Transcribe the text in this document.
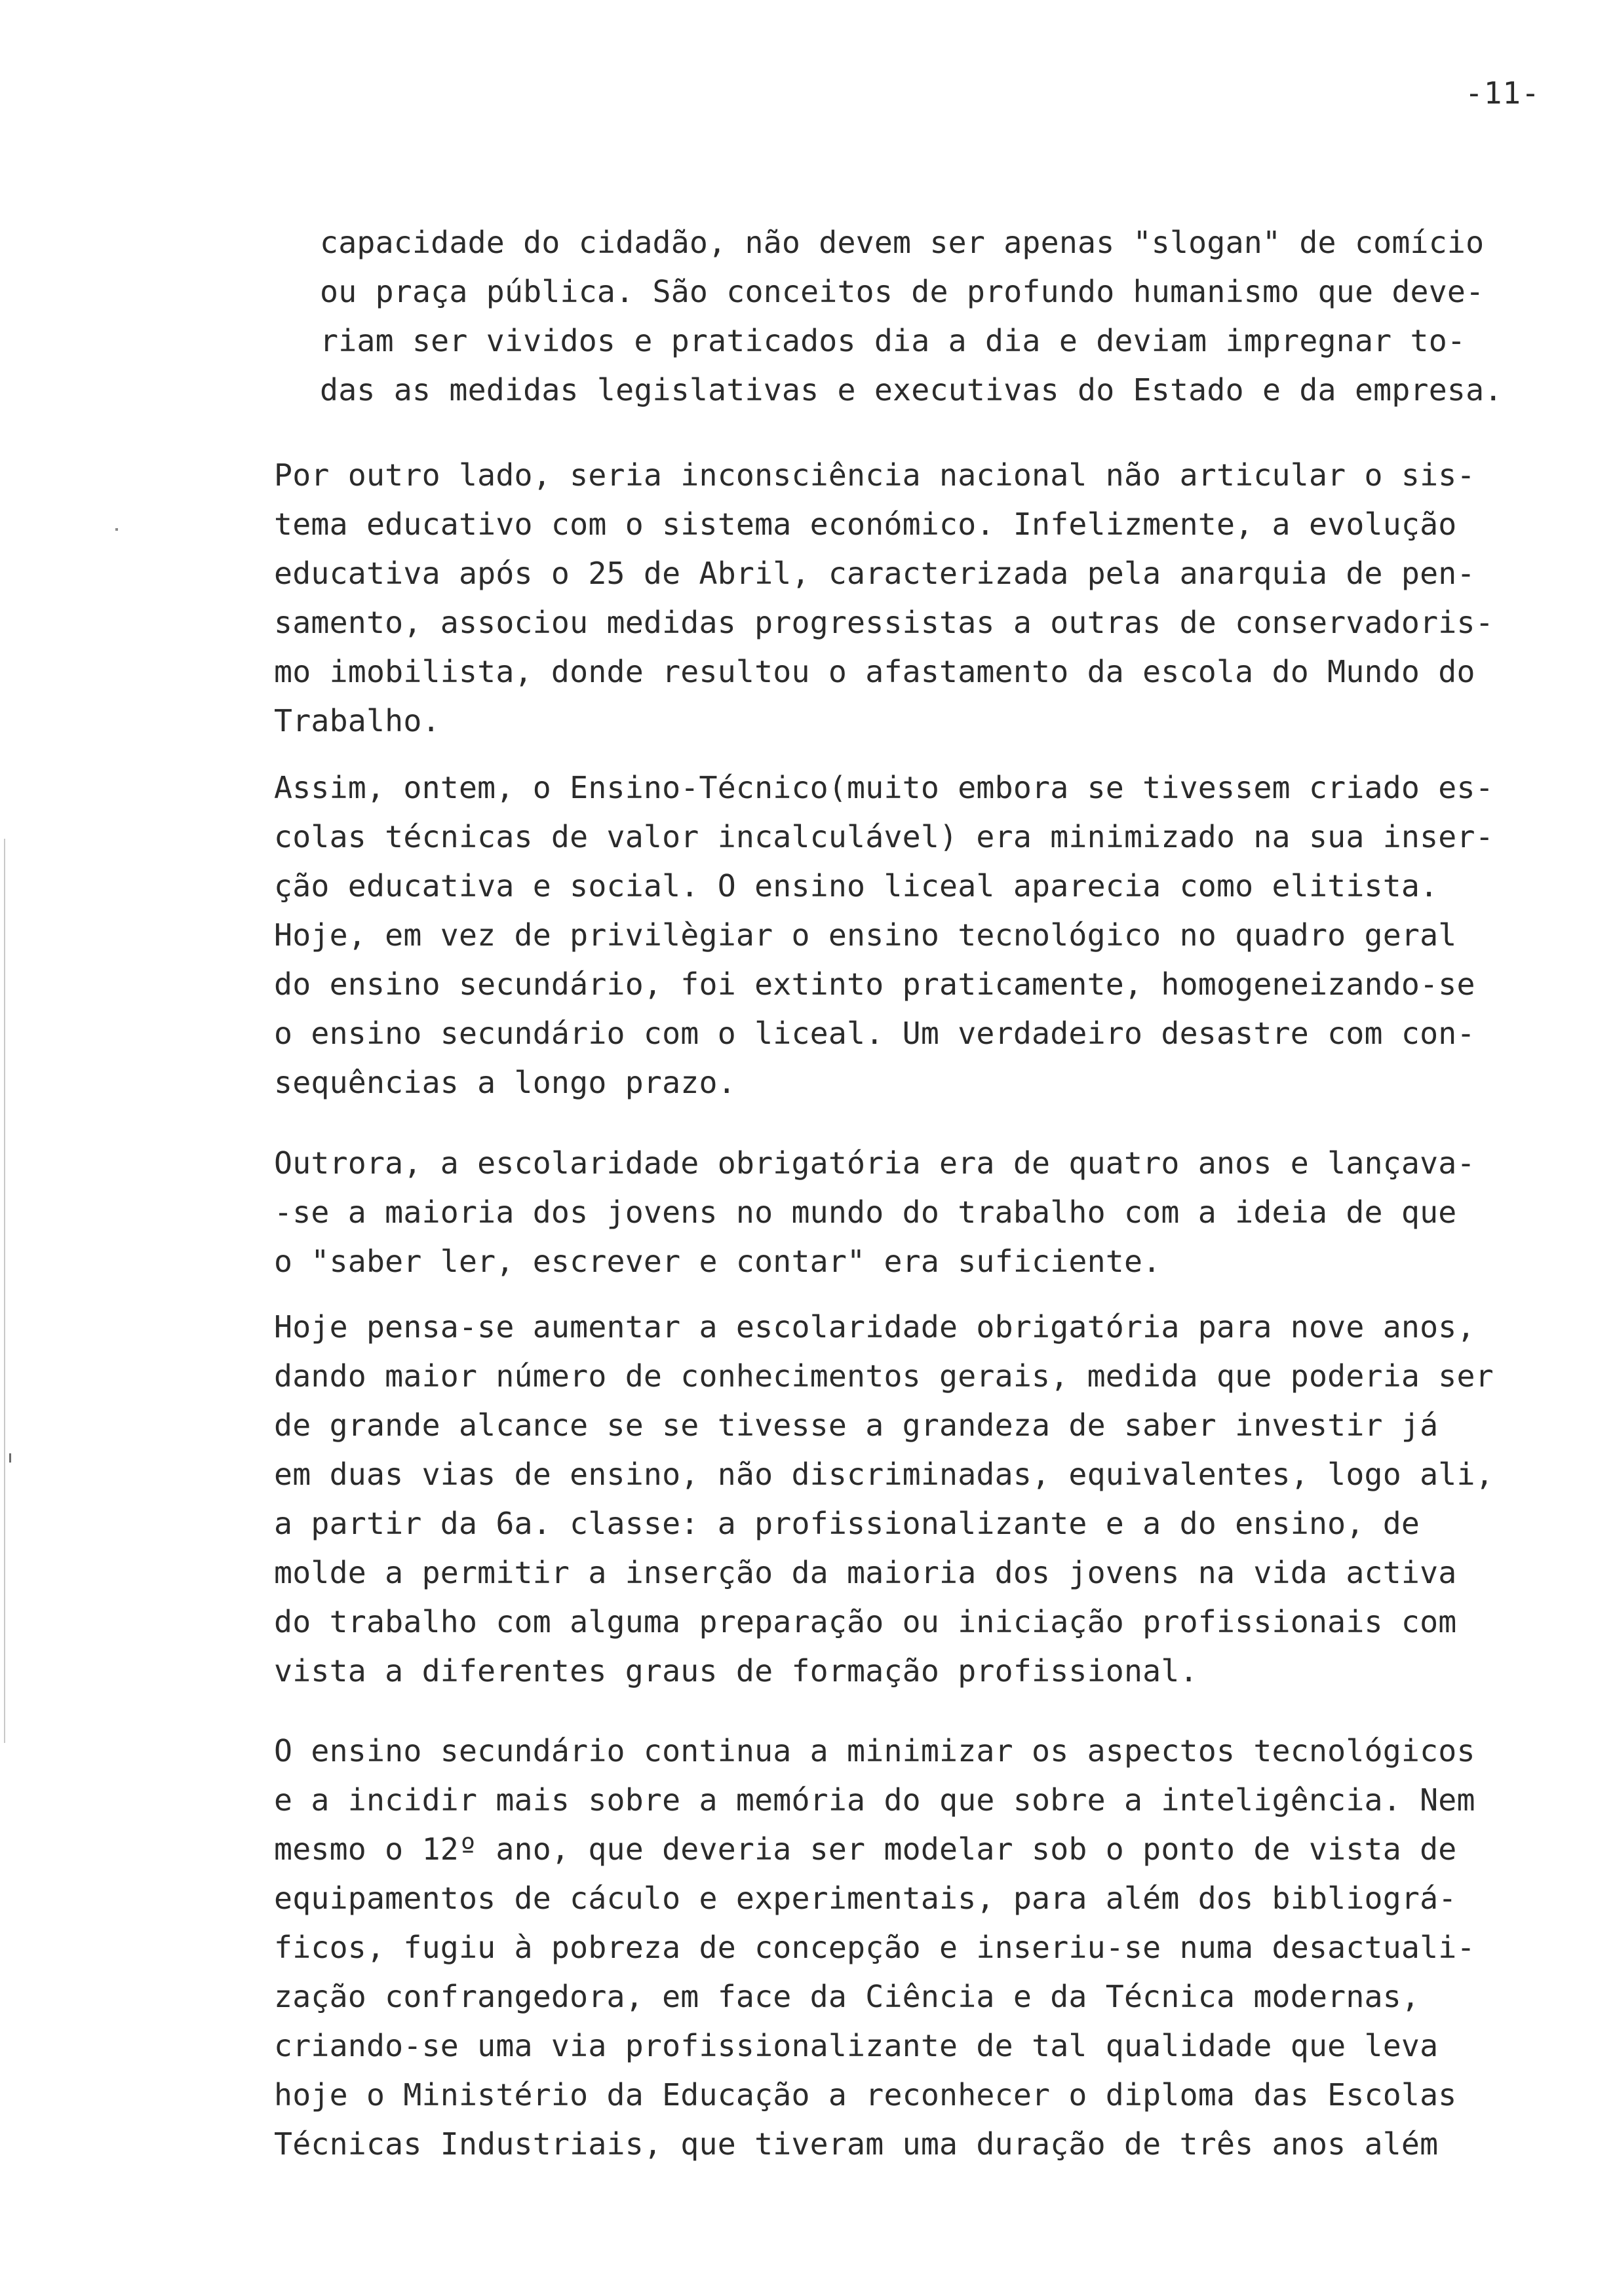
-11-
capacidade do cidadão, não devem ser apenas "slogan" de comício
ou praça pública. São conceitos de profundo humanismo que deve-
riam ser vividos e praticados dia a dia e deviam impregnar to-
das as medidas legislativas e executivas do Estado e da empresa.
Por outro lado, seria inconsciência nacional não articular o sis-
tema educativo com o sistema económico. Infelizmente, a evolução
educativa após o 25 de Abril, caracterizada pela anarquia de pen-
samento, associou medidas progressistas a outras de conservadoris-
mo imobilista, donde resultou o afastamento da escola do Mundo do
Trabalho.
Assim, ontem, o Ensino-Técnico(muito embora se tivessem criado es-
colas técnicas de valor incalculável) era minimizado na sua inser-
ção educativa e social. O ensino liceal aparecia como elitista.
Hoje, em vez de privilègiar o ensino tecnológico no quadro geral
do ensino secundário, foi extinto praticamente, homogeneizando-se
o ensino secundário com o liceal. Um verdadeiro desastre com con-
sequências a longo prazo.
Outrora, a escolaridade obrigatória era de quatro anos e lançava-
-se a maioria dos jovens no mundo do trabalho com a ideia de que
o "saber ler, escrever e contar" era suficiente.
Hoje pensa-se aumentar a escolaridade obrigatória para nove anos,
dando maior número de conhecimentos gerais, medida que poderia ser
de grande alcance se se tivesse a grandeza de saber investir já
em duas vias de ensino, não discriminadas, equivalentes, logo ali,
a partir da 6a. classe: a profissionalizante e a do ensino, de
molde a permitir a inserção da maioria dos jovens na vida activa
do trabalho com alguma preparação ou iniciação profissionais com
vista a diferentes graus de formação profissional.
O ensino secundário continua a minimizar os aspectos tecnológicos
e a incidir mais sobre a memória do que sobre a inteligência. Nem
mesmo o 12º ano, que deveria ser modelar sob o ponto de vista de
equipamentos de cáculo e experimentais, para além dos bibliográ-
ficos, fugiu à pobreza de concepção e inseriu-se numa desactuali-
zação confrangedora, em face da Ciência e da Técnica modernas,
criando-se uma via profissionalizante de tal qualidade que leva
hoje o Ministério da Educação a reconhecer o diploma das Escolas
Técnicas Industriais, que tiveram uma duração de três anos além
